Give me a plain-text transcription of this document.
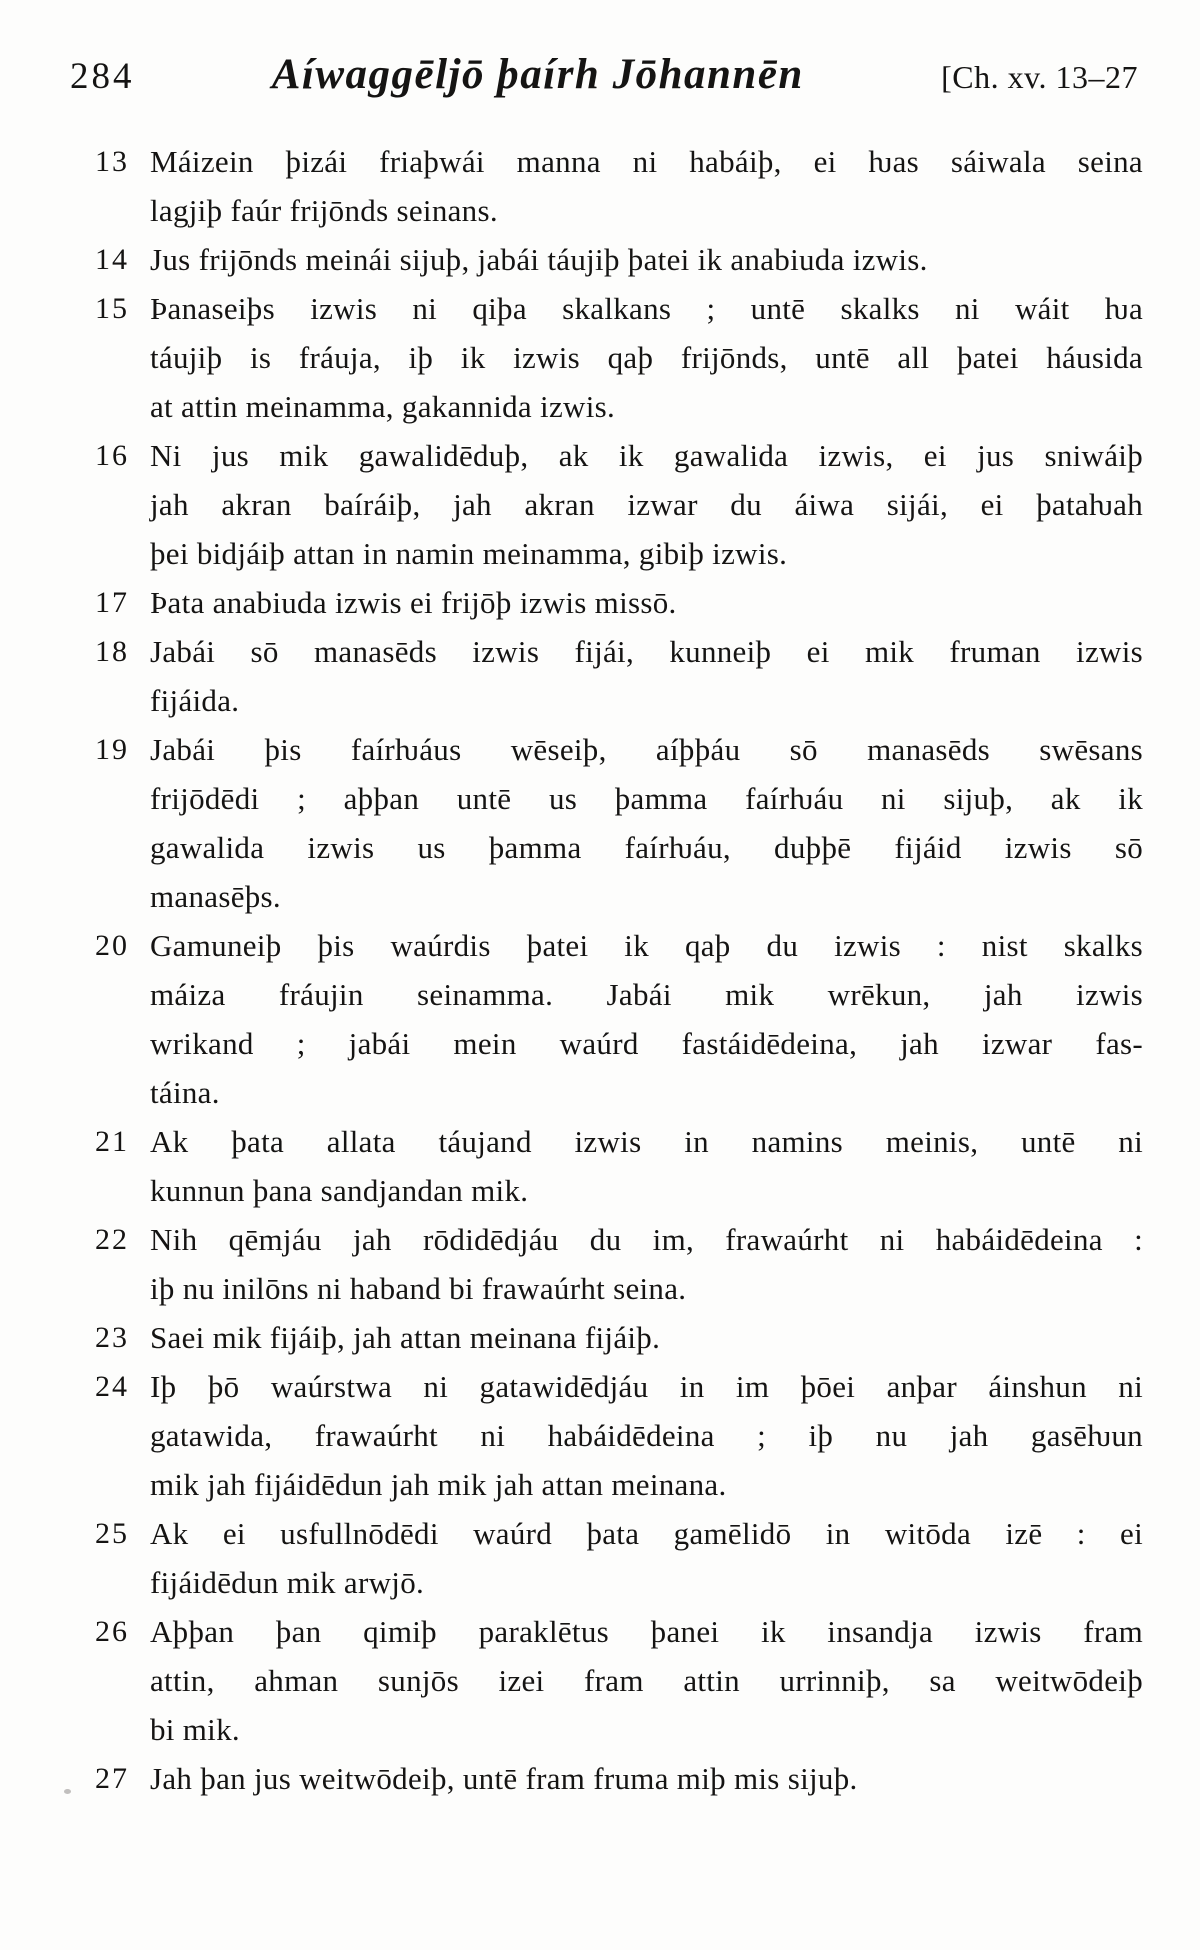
284	Aíwaggēljō þaírh Jōhannēn	[Ch. xv. 13–27
13 Máizein þizái friaþwái manna ni habáiþ, ei ƕas sáiwala seina
lagjiþ faúr frijōnds seinans.
14 Jus frijōnds meinái sijuþ, jabái táujiþ þatei ik anabiuda izwis.
15 Þanaseiþs izwis ni qiþa skalkans ; untē skalks ni wáit ƕa
táujiþ is fráuja, iþ ik izwis qaþ frijōnds, untē all þatei háusida
at attin meinamma, gakannida izwis.
16 Ni jus mik gawalidēduþ, ak ik gawalida izwis, ei jus sniwáiþ
jah akran baíráiþ, jah akran izwar du áiwa sijái, ei þataƕah
þei bidjáiþ attan in namin meinamma, gibiþ izwis.
17 Þata anabiuda izwis ei frijōþ izwis missō.
18 Jabái sō manasēds izwis fijái, kunneiþ ei mik fruman izwis
fijáida.
19 Jabái þis faírƕáus wēseiþ, aíþþáu sō manasēds swēsans
frijōdēdi ; aþþan untē us þamma faírƕáu ni sijuþ, ak ik
gawalida izwis us þamma faírƕáu, duþþē fijáid izwis sō
manasēþs.
20 Gamuneiþ þis waúrdis þatei ik qaþ du izwis : nist skalks
máiza fráujin seinamma. Jabái mik wrēkun, jah izwis
wrikand ; jabái mein waúrd fastáidēdeina, jah izwar fas-
táina.
21 Ak þata allata táujand izwis in namins meinis, untē ni
kunnun þana sandjandan mik.
22 Nih qēmjáu jah rōdidēdjáu du im, frawaúrht ni habáidēdeina :
iþ nu inilōns ni haband bi frawaúrht seina.
23 Saei mik fijáiþ, jah attan meinana fijáiþ.
24 Iþ þō waúrstwa ni gatawidēdjáu in im þōei anþar áinshun ni
gatawida, frawaúrht ni habáidēdeina ; iþ nu jah gasēƕun
mik jah fijáidēdun jah mik jah attan meinana.
25 Ak ei usfullnōdēdi waúrd þata gamēlidō in witōda izē : ei
fijáidēdun mik arwjō.
26 Aþþan þan qimiþ paraklētus þanei ik insandja izwis fram
attin, ahman sunjōs izei fram attin urrinniþ, sa weitwōdeiþ
bi mik.
27 Jah þan jus weitwōdeiþ, untē fram fruma miþ mis sijuþ.
